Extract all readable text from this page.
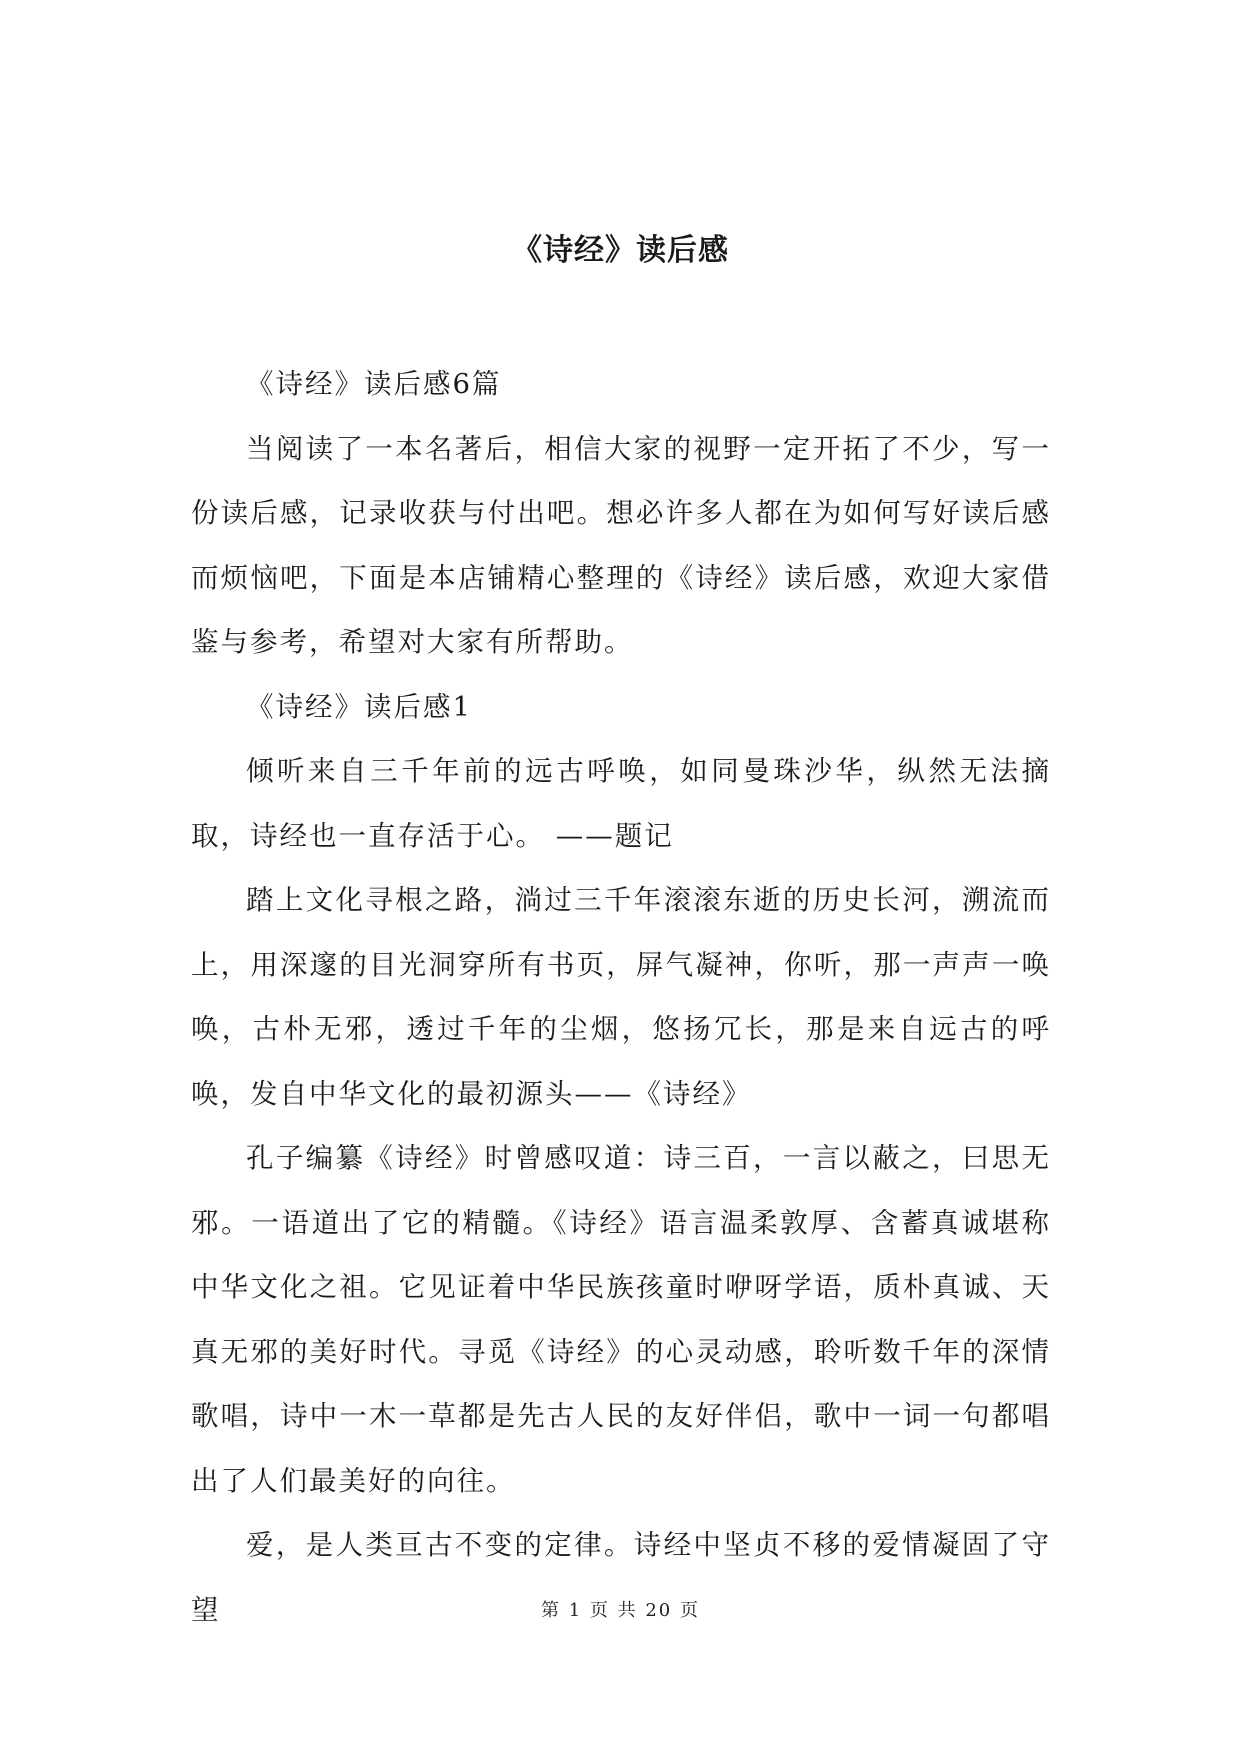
《诗经》读后感

《诗经》读后感6篇

当阅读了一本名著后，相信大家的视野一定开拓了不少，写一份读后感，记录收获与付出吧。想必许多人都在为如何写好读后感而烦恼吧，下面是本店铺精心整理的《诗经》读后感，欢迎大家借鉴与参考，希望对大家有所帮助。

《诗经》读后感1

倾听来自三千年前的远古呼唤，如同曼珠沙华，纵然无法摘取，诗经也一直存活于心。 ——题记

踏上文化寻根之路，淌过三千年滚滚东逝的历史长河，溯流而上，用深邃的目光洞穿所有书页，屏气凝神，你听，那一声声一唤唤，古朴无邪，透过千年的尘烟，悠扬冗长，那是来自远古的呼唤，发自中华文化的最初源头——《诗经》

孔子编纂《诗经》时曾感叹道：诗三百，一言以蔽之，曰思无邪。一语道出了它的精髓。《诗经》语言温柔敦厚、含蓄真诚堪称中华文化之祖。它见证着中华民族孩童时咿呀学语，质朴真诚、天真无邪的美好时代。寻觅《诗经》的心灵动感，聆听数千年的深情歌唱，诗中一木一草都是先古人民的友好伴侣，歌中一词一句都唱出了人们最美好的向往。

爱，是人类亘古不变的定律。诗经中坚贞不移的爱情凝固了守望	第 1 页 共 20 页
